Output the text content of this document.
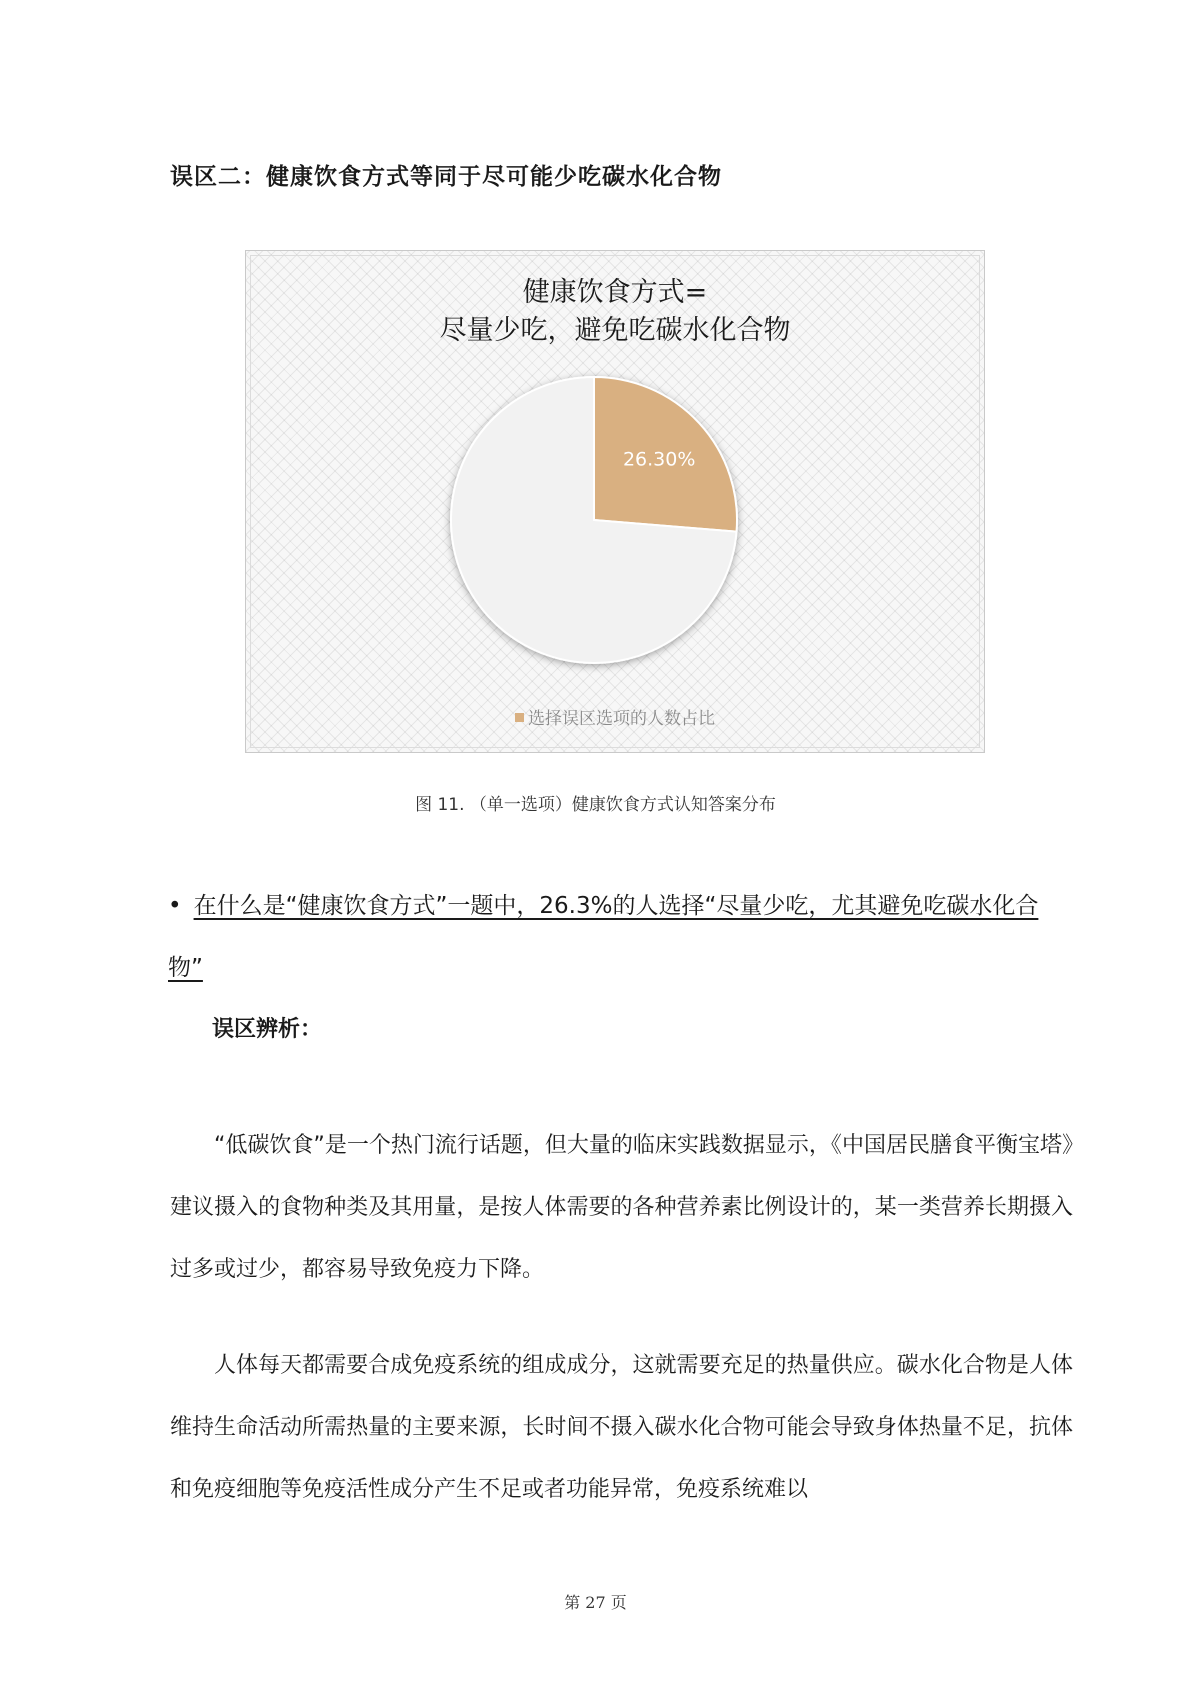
误区二：健康饮食方式等同于尽可能少吃碳水化合物
健康饮食方式=
尽量少吃，避免吃碳水化合物
26.30%
选择误区选项的人数占比

图 11. （单一选项）健康饮食方式认知答案分布

• 在什么是“健康饮食方式”一题中，26.3%的人选择“尽量少吃，尤其避免吃碳水化合物”

误区辨析：

“低碳饮食”是一个热门流行话题，但大量的临床实践数据显示，《中国居民膳食平衡宝塔》建议摄入的食物种类及其用量，是按人体需要的各种营养素比例设计的，某一类营养长期摄入过多或过少，都容易导致免疫力下降。

人体每天都需要合成免疫系统的组成成分，这就需要充足的热量供应。碳水化合物是人体维持生命活动所需热量的主要来源，长时间不摄入碳水化合物可能会导致身体热量不足，抗体和免疫细胞等免疫活性成分产生不足或者功能异常，免疫系统难以

第 27 页
